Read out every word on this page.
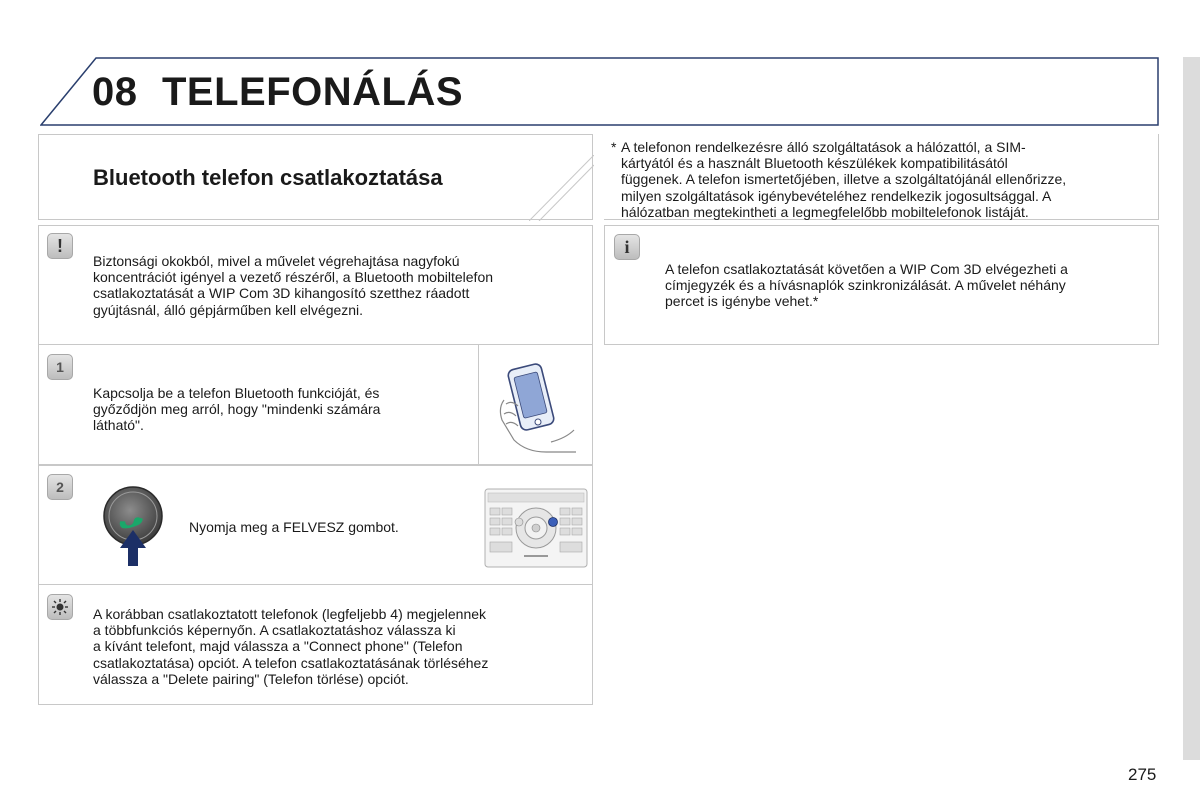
08 TELEFONÁLÁS
Bluetooth telefon csatlakoztatása
* A telefonon rendelkezésre álló szolgáltatások a hálózattól, a SIM-
kártyától és a használt Bluetooth készülékek kompatibilitásától
függenek. A telefon ismertetőjében, illetve a szolgáltatójánál ellenőrizze,
milyen szolgáltatások igénybevételéhez rendelkezik jogosultsággal. A
hálózatban megtekintheti a legmegfelelőbb mobiltelefonok listáját.
!
Biztonsági okokból, mivel a művelet végrehajtása nagyfokú
koncentrációt igényel a vezető részéről, a Bluetooth mobiltelefon
csatlakoztatását a WIP Com 3D kihangosító szetthez ráadott
gyújtásnál, álló gépjárműben kell elvégezni.
i
A telefon csatlakoztatását követően a WIP Com 3D elvégezheti a
címjegyzék és a hívásnaplók szinkronizálását. A művelet néhány
percet is igénybe vehet.*
1
Kapcsolja be a telefon Bluetooth funkcióját, és
győződjön meg arról, hogy "mindenki számára
látható".
2
Nyomja meg a FELVESZ gombot.
A korábban csatlakoztatott telefonok (legfeljebb 4) megjelennek
a többfunkciós képernyőn. A csatlakoztatáshoz válassza ki
a kívánt telefont, majd válassza a "Connect phone" (Telefon
csatlakoztatása) opciót. A telefon csatlakoztatásának törléséhez
válassza a "Delete pairing" (Telefon törlése) opciót.
275
